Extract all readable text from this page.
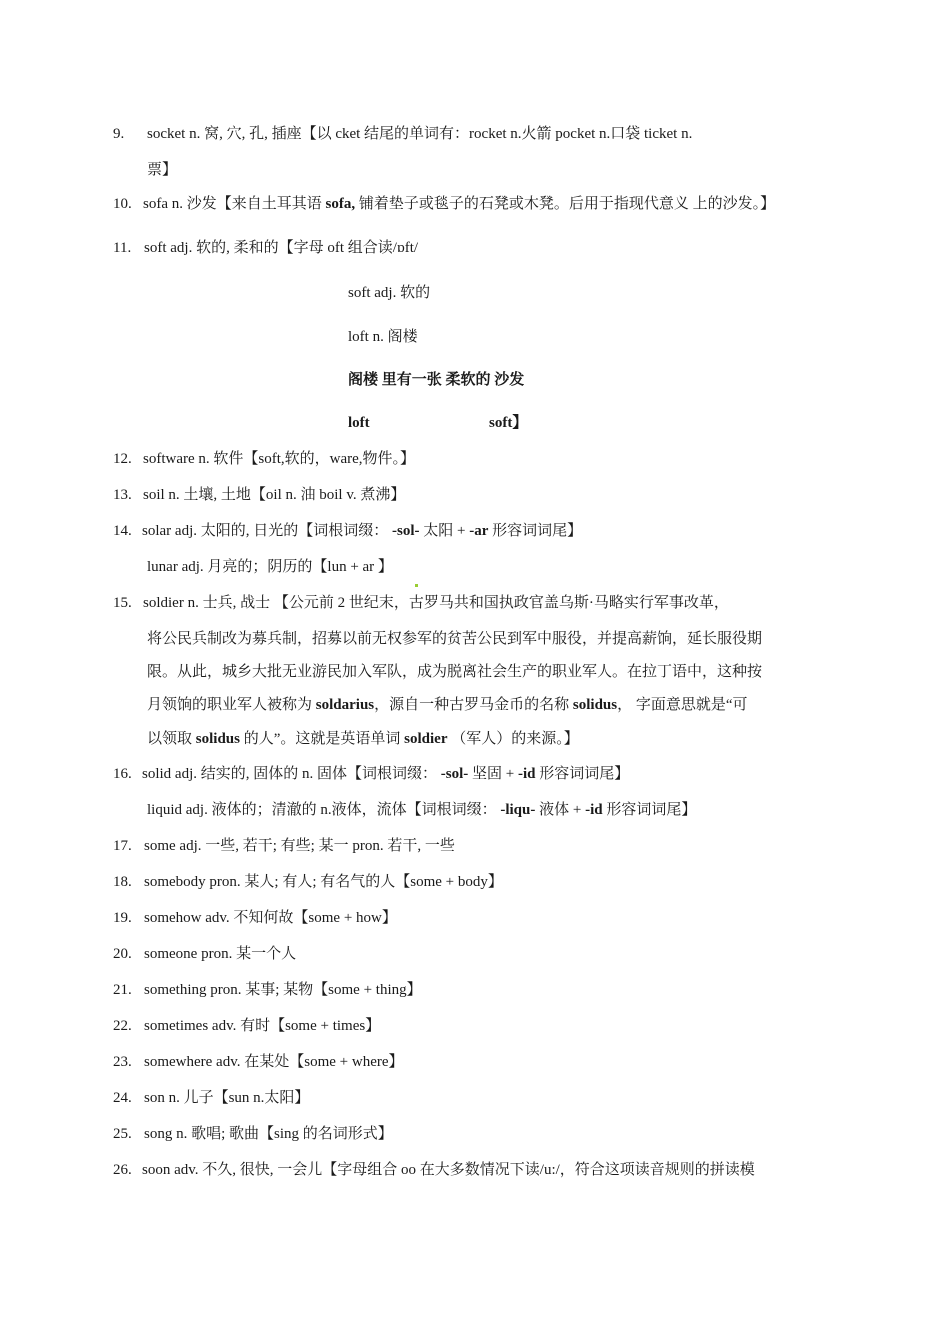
9. socket n. 窝, 穴, 孔, 插座【以 cket 结尾的单词有：rocket n.火箭 pocket n.口袋 ticket n.
票】
10. sofa n. 沙发【来自土耳其语 sofa, 铺着垫子或毯子的石凳或木凳。后用于指现代意义 上的沙发。】
11. soft adj. 软的, 柔和的【字母 oft 组合读/ɒft/
soft adj. 软的
loft n. 阁楼
阁楼 里有一张 柔软的 沙发
loft	soft】
12. software n. 软件【soft,软的，ware,物件。】
13. soil n. 土壤, 土地【oil n. 油 boil v. 煮沸】
14. solar adj. 太阳的, 日光的【词根词缀： -sol- 太阳 + -ar 形容词词尾】
lunar adj. 月亮的；阴历的【lun + ar 】
15. soldier n. 士兵, 战士 【公元前 2 世纪末，古罗马共和国执政官盖乌斯·马略实行军事改革，
将公民兵制改为募兵制，招募以前无权参军的贫苦公民到军中服役，并提高薪饷，延长服役期
限。从此，城乡大批无业游民加入军队，成为脱离社会生产的职业军人。在拉丁语中，这种按
月领饷的职业军人被称为 soldarius，源自一种古罗马金币的名称 solidus， 字面意思就是“可
以领取 solidus 的人”。这就是英语单词 soldier （军人）的来源。】
16. solid adj. 结实的, 固体的 n. 固体【词根词缀： -sol- 坚固 + -id 形容词词尾】
liquid adj. 液体的；清澈的 n.液体，流体【词根词缀： -liqu- 液体 + -id 形容词词尾】
17. some adj. 一些, 若干; 有些; 某一 pron. 若干, 一些
18. somebody pron. 某人; 有人; 有名气的人【some + body】
19. somehow adv. 不知何故【some + how】
20. someone pron. 某一个人
21. something pron. 某事; 某物【some + thing】
22. sometimes adv. 有时【some + times】
23. somewhere adv. 在某处【some + where】
24. son n. 儿子【sun n.太阳】
25. song n. 歌唱; 歌曲【sing 的名词形式】
26. soon adv. 不久, 很快, 一会儿【字母组合 oo 在大多数情况下读/u:/，符合这项读音规则的拼读模
